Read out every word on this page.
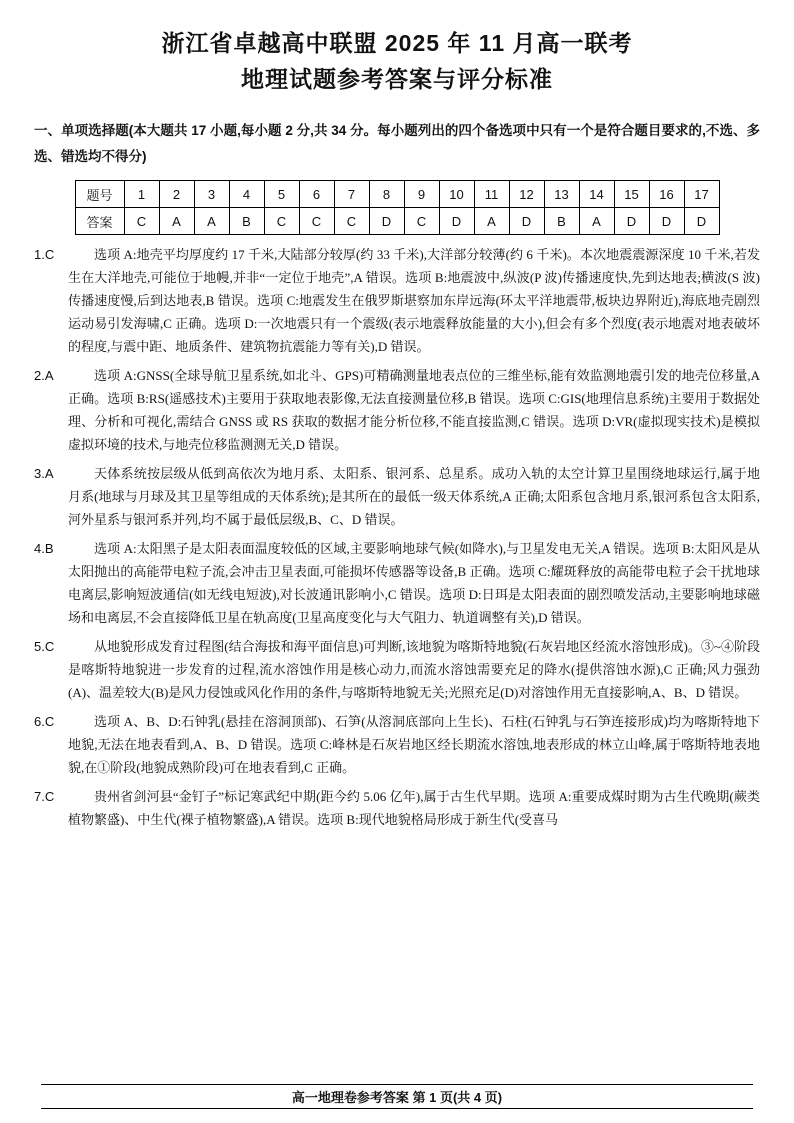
浙江省卓越高中联盟 2025 年 11 月高一联考
地理试题参考答案与评分标准
一、单项选择题(本大题共 17 小题,每小题 2 分,共 34 分。每小题列出的四个备选项中只有一个是符合题目要求的,不选、多选、错选均不得分)
题号	1	2	3	4	5	6	7	8	9	10	11	12	13	14	15	16	17
答案	C	A	A	B	C	C	C	D	C	D	A	D	B	A	D	D	D
1.C	选项 A:地壳平均厚度约 17 千米,大陆部分较厚(约 33 千米),大洋部分较薄(约 6 千米)。本次地震震源深度 10 千米,若发生在大洋地壳,可能位于地幔,并非“一定位于地壳”,A 错误。选项 B:地震波中,纵波(P 波)传播速度快,先到达地表;横波(S 波)传播速度慢,后到达地表,B 错误。选项 C:地震发生在俄罗斯堪察加东岸远海(环太平洋地震带,板块边界附近),海底地壳剧烈运动易引发海啸,C 正确。选项 D:一次地震只有一个震级(表示地震释放能量的大小),但会有多个烈度(表示地震对地表破坏的程度,与震中距、地质条件、建筑物抗震能力等有关),D 错误。
2.A	选项 A:GNSS(全球导航卫星系统,如北斗、GPS)可精确测量地表点位的三维坐标,能有效监测地震引发的地壳位移量,A 正确。选项 B:RS(遥感技术)主要用于获取地表影像,无法直接测量位移,B 错误。选项 C:GIS(地理信息系统)主要用于数据处理、分析和可视化,需结合 GNSS 或 RS 获取的数据才能分析位移,不能直接监测,C 错误。选项 D:VR(虚拟现实技术)是模拟虚拟环境的技术,与地壳位移监测测无关,D 错误。
3.A	天体系统按层级从低到高依次为地月系、太阳系、银河系、总星系。成功入轨的太空计算卫星围绕地球运行,属于地月系(地球与月球及其卫星等组成的天体系统);是其所在的最低一级天体系统,A 正确;太阳系包含地月系,银河系包含太阳系,河外星系与银河系并列,均不属于最低层级,B、C、D 错误。
4.B	选项 A:太阳黑子是太阳表面温度较低的区域,主要影响地球气候(如降水),与卫星发电无关,A 错误。选项 B:太阳风是从太阳抛出的高能带电粒子流,会冲击卫星表面,可能损坏传感器等设备,B 正确。选项 C:耀斑释放的高能带电粒子会干扰地球电离层,影响短波通信(如无线电短波),对长波通讯影响小,C 错误。选项 D:日珥是太阳表面的剧烈喷发活动,主要影响地球磁场和电离层,不会直接降低卫星在轨高度(卫星高度变化与大气阻力、轨道调整有关),D 错误。
5.C	从地貌形成发育过程图(结合海拔和海平面信息)可判断,该地貌为喀斯特地貌(石灰岩地区经流水溶蚀形成)。③~④阶段是喀斯特地貌进一步发育的过程,流水溶蚀作用是核心动力,而流水溶蚀需要充足的降水(提供溶蚀水源),C 正确;风力强劲(A)、温差较大(B)是风力侵蚀或风化作用的条件,与喀斯特地貌无关;光照充足(D)对溶蚀作用无直接影响,A、B、D 错误。
6.C	选项 A、B、D:石钟乳(悬挂在溶洞顶部)、石笋(从溶洞底部向上生长)、石柱(石钟乳与石笋连接形成)均为喀斯特地下地貌,无法在地表看到,A、B、D 错误。选项 C:峰林是石灰岩地区经长期流水溶蚀,地表形成的林立山峰,属于喀斯特地表地貌,在①阶段(地貌成熟阶段)可在地表看到,C 正确。
7.C	贵州省剑河县“金钉子”标记寒武纪中期(距今约 5.06 亿年),属于古生代早期。选项 A:重要成煤时期为古生代晚期(蕨类植物繁盛)、中生代(裸子植物繁盛),A 错误。选项 B:现代地貌格局形成于新生代(受喜马
高一地理卷参考答案 第 1 页(共 4 页)
